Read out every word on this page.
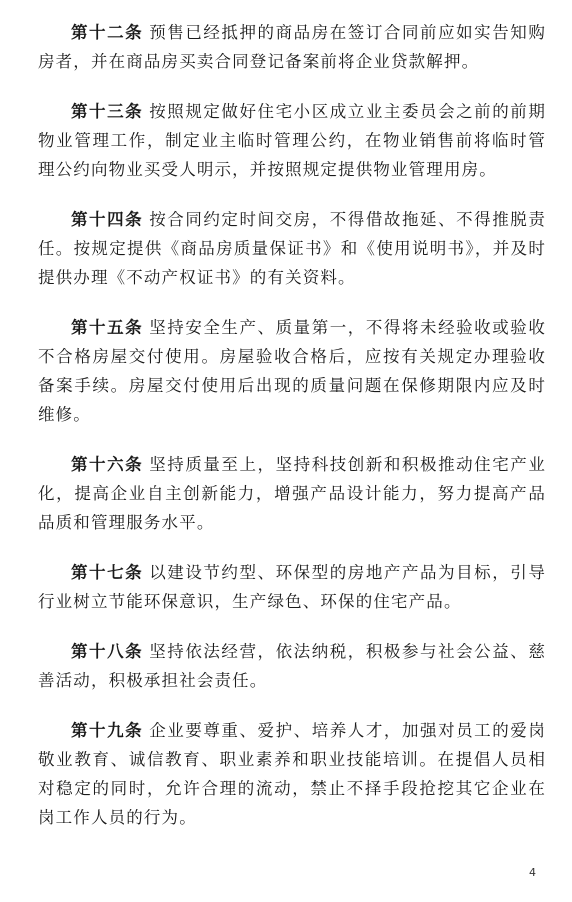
第十二条 预售已经抵押的商品房在签订合同前应如实告知购房者，并在商品房买卖合同登记备案前将企业贷款解押。

第十三条 按照规定做好住宅小区成立业主委员会之前的前期物业管理工作，制定业主临时管理公约，在物业销售前将临时管理公约向物业买受人明示，并按照规定提供物业管理用房。

第十四条 按合同约定时间交房，不得借故拖延、不得推脱责任。按规定提供《商品房质量保证书》和《使用说明书》，并及时提供办理《不动产权证书》的有关资料。

第十五条 坚持安全生产、质量第一，不得将未经验收或验收不合格房屋交付使用。房屋验收合格后，应按有关规定办理验收备案手续。房屋交付使用后出现的质量问题在保修期限内应及时维修。

第十六条 坚持质量至上，坚持科技创新和积极推动住宅产业化，提高企业自主创新能力，增强产品设计能力，努力提高产品品质和管理服务水平。

第十七条 以建设节约型、环保型的房地产产品为目标，引导行业树立节能环保意识，生产绿色、环保的住宅产品。

第十八条 坚持依法经营，依法纳税，积极参与社会公益、慈善活动，积极承担社会责任。

第十九条 企业要尊重、爱护、培养人才，加强对员工的爱岗敬业教育、诚信教育、职业素养和职业技能培训。在提倡人员相对稳定的同时，允许合理的流动，禁止不择手段抢挖其它企业在岗工作人员的行为。

4
